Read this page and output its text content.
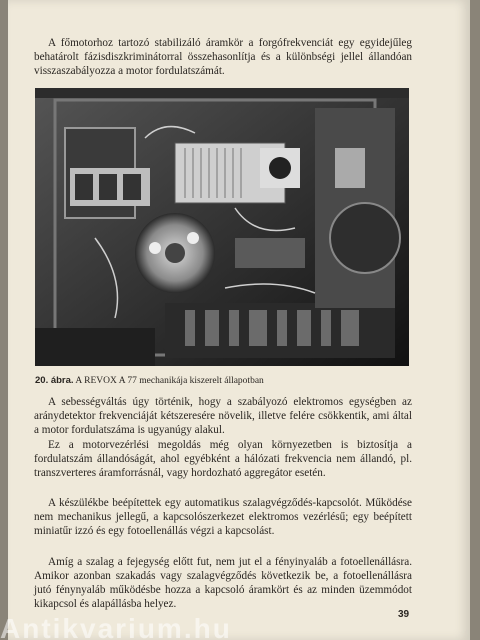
A főmotorhoz tartozó stabilizáló áramkör a forgófrekvenciát egy egyidejűleg behatárolt fázisdiszkriminátorral összehasonlítja és a különbségi jellel állandóan visszaszabályozza a motor fordulatszámát.

20. ábra. A REVOX A 77 mechanikája kiszerelt állapotban

A sebességváltás úgy történik, hogy a szabályozó elektromos egységben az aránydetektor frekvenciáját kétszeresére növelik, illetve felére csökkentik, ami által a motor fordulatszáma is ugyanúgy alakul.

Ez a motorvezérlési megoldás még olyan környezetben is biztosítja a fordulatszám állandóságát, ahol egyébként a hálózati frekvencia nem állandó, pl. transzverteres áramforrásnál, vagy hordozható aggregátor esetén.

A készülékbe beépítettek egy automatikus szalagvégződés-kapcsolót. Működése nem mechanikus jellegű, a kapcsolószerkezet elektromos vezérlésű; egy beépített miniatűr izzó és egy fotoellenállás végzi a kapcsolást.

Amíg a szalag a fejegység előtt fut, nem jut el a fényinyaláb a fotoellenállásra. Amikor azonban szakadás vagy szalagvégződés következik be, a fotoellenállásra jutó fénynyaláb működésbe hozza a kapcsoló áramkört és az minden üzemmódot kikapcsol és alapállásba helyez.

39
Antikvarium.hu
